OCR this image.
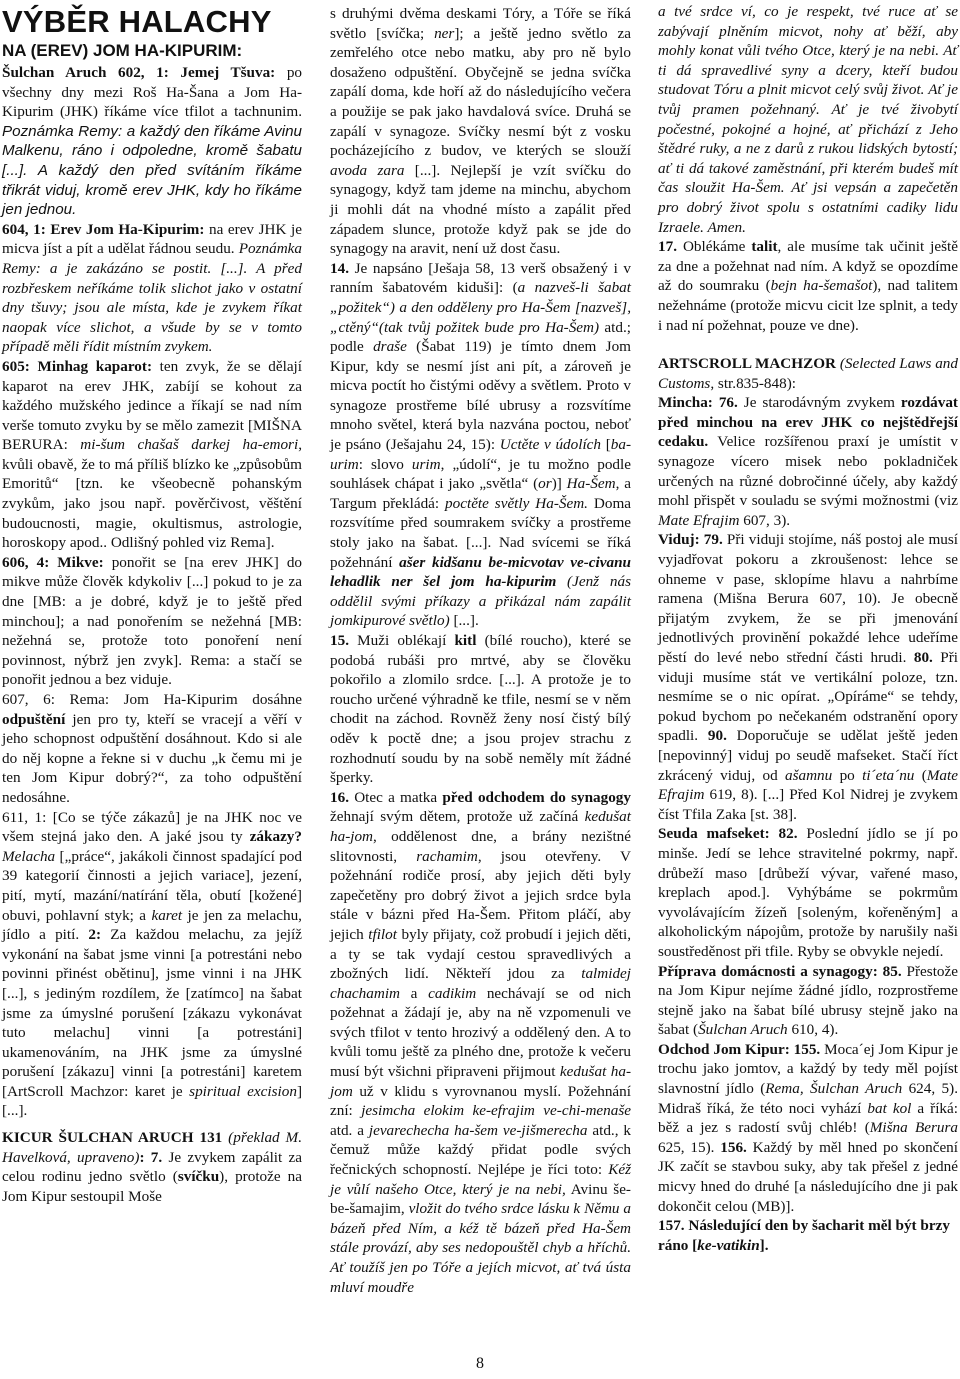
VÝBĚR HALACHY
NA (EREV) JOM HA-KIPURIM:

Šulchan Aruch 602, 1: Jemej Tšuva: po všechny dny mezi Roš Ha-Šana a Jom Ha-Kipurim (JHK) říkáme více tfilot a tachnunim. Poznámka Remy: a každý den říkáme Avinu Malkenu, ráno i odpoledne, kromě šabatu [...]. A každý den před svítáním říkáme třikrát viduj, kromě erev JHK, kdy ho říkáme jen jednou.

604, 1: Erev Jom Ha-Kipurim: na erev JHK je micva jíst a pít a udělat řádnou seudu. Poznámka Remy: a je zakázáno se postit. [...]. A před rozbřeskem neříkáme tolik slichot jako v ostatní dny tšuvy; jsou ale místa, kde je zvykem říkat naopak více slichot, a všude by se v tomto případě měli řídit místním zvykem.

605: Minhag kaparot: ten zvyk, že se dělají kaparot na erev JHK, zabíjí se kohout za každého mužského jedince a říkají se nad ním verše tomuto zvyku by se mělo zamezit [MIŠNA BERURA: mi-šum chašaš darkej ha-emori, kvůli obavě, že to má příliš blízko ke „způsobům Emoritů“ [tzn. ke všeobecně pohanským zvykům, jako jsou např. pověrčivost, věštění budoucnosti, magie, okultismus, astrologie, horoskopy apod.. Odlišný pohled viz Rema].

606, 4: Mikve: ponořit se [na erev JHK] do mikve může člověk kdykoliv [...] pokud to je za dne [MB: a je dobré, když je to ještě před minchou]; a nad ponořením se nežehná [MB: nežehná se, protože toto ponoření není povinnost, nýbrž jen zvyk]. Rema: a stačí se ponořit jednou a bez viduje.

607, 6: Rema: Jom Ha-Kipurim dosáhne odpuštění jen pro ty, kteří se vracejí a věří v jeho schopnost odpuštění dosáhnout. Kdo si ale do něj kopne a řekne si v duchu „k čemu mi je ten Jom Kipur dobrý?“, za toho odpuštění nedosáhne.

611, 1: [Co se týče zákazů] je na JHK noc ve všem stejná jako den. A jaké jsou ty zákazy? Melacha [„práce“, jakákoli činnost spadající pod 39 kategorií činnosti a jejich variace], jezení, pití, mytí, mazání/natírání těla, obutí [kožené] obuvi, pohlavní styk; a karet je jen za melachu, jídlo a pití. 2: Za každou melachu, za jejíž vykonání na šabat jsme vinni [a potrestáni nebo povinni přinést obětinu], jsme vinni i na JHK [...], s jediným rozdílem, že [zatímco] na šabat jsme za úmyslné porušení [zákazu vykonávat tuto melachu] vinni [a potrestáni] ukamenováním, na JHK jsme za úmyslné porušení [zákazu] vinni [a potrestáni] karetem [ArtScroll Machzor: karet je spiritual excision][...].

KICUR ŠULCHAN ARUCH 131 (překlad M. Havelková, upraveno): 7. Je zvykem zapálit za celou rodinu jedno světlo (svíčku), protože na Jom Kipur sestoupil Moše

s druhými dvěma deskami Tóry, a Tóře se říká světlo [svíčka; ner]; a ještě jedno světlo za zemřelého otce nebo matku, aby pro ně bylo dosaženo odpuštění. Obyčejně se jedna svíčka zapálí doma, kde hoří až do následujícího večera a použije se pak jako havdalová svíce. Druhá se zapálí v synagoze. Svíčky nesmí být z vosku pocházejícího z budov, ve kterých se slouží avoda zara [...]. Nejlepší je vzít svíčku do synagogy, když tam jdeme na minchu, abychom ji mohli dát na vhodné místo a zapálit před západem slunce, protože když pak se jde do synagogy na aravit, není už dost času.

14. Je napsáno [Ješaja 58, 13 verš obsažený i v ranním šabatovém kiduši]: (a nazveš-li šabat „požitek“) a den odděleny pro Ha-Šem [nazveš],„ctěný“(tak tvůj požitek bude pro Ha-Šem) atd.; podle draše (Šabat 119) je tímto dnem Jom Kipur, kdy se nesmí jíst ani pít, a zároveň je micva poctít ho čistými oděvy a světlem. Proto v synagoze prostřeme bílé ubrusy a rozsvítíme mnoho světel, která byla nazvána poctou, neboť je psáno (Ješajahu 24, 15): Uctěte v údolích [ba-urim: slovo urim, „údolí“, je tu možno podle souhlásek chápat i jako „světla“ (or)] Ha-Šem, a Targum překládá: poctěte světly Ha-Šem. Doma rozsvítíme před soumrakem svíčky a prostřeme stoly jako na šabat. [...]. Nad svícemi se říká požehnání ašer kidšanu be-micvotav ve-civanu lehadlik ner šel jom ha-kipurim (Jenž nás oddělil svými příkazy a přikázal nám zapálit jomkipurové světlo) [...].

15. Muži oblékají kitl (bílé roucho), které se podobá rubáši pro mrtvé, aby se člověku pokořilo a zlomilo srdce. [...]. A protože je to roucho určené výhradně ke tfile, nesmí se v něm chodit na záchod. Rovněž ženy nosí čistý bílý oděv k poctě dne; a jsou projev strachu z rozhodnutí soudu by na sobě neměly mít žádné šperky.

16. Otec a matka před odchodem do synagogy žehnají svým dětem, protože už začíná kedušat ha-jom, oddělenost dne, a brány nezištné slitovnosti, rachamim, jsou otevřeny. V požehnání rodiče prosí, aby jejich děti byly zapečetěny pro dobrý život a jejich srdce byla stále v bázni před Ha-Šem. Přitom pláčí, aby jejich tfilot byly přijaty, což probudí i jejich děti, a ty se tak vydají cestou spravedlivých a zbožných lidí. Někteří jdou za talmidej chachamim a cadikim nechávají se od nich požehnat a žádají je, aby na ně vzpomenuli ve svých tfilot v tento hrozivý a oddělený den. A to kvůli tomu ještě za plného dne, protože k večeru musí být všichni připraveni přijmout kedušat ha-jom už v klidu s vyrovnanou myslí. Požehnání zní: jesimcha elokim ke-efrajim ve-chi-menaše atd. a jevarechecha ha-šem ve-jišmerecha atd., k čemuž může každý přidat podle svých řečnických schopností. Nejlépe je říci toto: Kéž je vůlí našeho Otce, který je na nebi, Avinu še-be-šamajim, vložit do tvého srdce lásku k Němu a bázeň před Ním, a kéž tě bázeň před Ha-Šem stále provází, aby ses nedopouštěl chyb a hříchů. Ať toužíš jen po Tóře a jejích micvot, ať tvá ústa mluví moudře

a tvé srdce ví, co je respekt, tvé ruce ať se zabývají plněním micvot, nohy ať běží, aby mohly konat vůli tvého Otce, který je na nebi. Ať ti dá spravedlivé syny a dcery, kteří budou studovat Tóru a plnit micvot celý svůj život. Ať je tvůj pramen požehnaný. Ať je tvé živobytí počestné, pokojné a hojné, ať přichází z Jeho štědré ruky, a ne z darů z rukou lidských bytostí; ať ti dá takové zaměstnání, při kterém budeš mít čas sloužit Ha-Šem. Ať jsi vepsán a zapečetěn pro dobrý život spolu s ostatními cadiky lidu Izraele. Amen.

17. Oblékáme talit, ale musíme tak učinit ještě za dne a požehnat nad ním. A když se opozdíme až do soumraku (bejn ha-šemašot), nad talitem nežehnáme (protože micvu cicit lze splnit, a tedy i nad ní požehnat, pouze ve dne).

ARTSCROLL MACHZOR (Selected Laws and Customs, str.835-848):

Mincha: 76. Je starodávným zvykem rozdávat před minchou na erev JHK co nejštědřejší cedaku. Velice rozšířenou praxí je umístit v synagoze vícero misek nebo pokladniček určených na různé dobročinné účely, aby každý mohl přispět v souladu se svými možnostmi (viz Mate Efrajim 607, 3).

Viduj: 79. Při viduji stojíme, náš postoj ale musí vyjadřovat pokoru a zkroušenost: lehce se ohneme v pase, sklopíme hlavu a nahrbíme ramena (Mišna Berura 607, 10). Je obecně přijatým zvykem, že se při jmenování jednotlivých provinění pokaždé lehce udeříme pěstí do levé nebo střední části hrudi. 80. Při viduji musíme stát ve vertikální poloze, tzn. nesmíme se o nic opírat. „Opíráme“ se tehdy, pokud bychom po nečekaném odstranění opory spadli. 90. Doporučuje se udělat ještě jeden [nepovinný] viduj po seudě mafseket. Stačí říct zkrácený viduj, od ašamnu po ti´eta´nu (Mate Efrajim 619, 8). [...] Před Kol Nidrej je zvykem číst Tfila Zaka [st. 38].

Seuda mafseket: 82. Poslední jídlo se jí po minše. Jedí se lehce stravitelné pokrmy, např. drůbeží maso [drůbeží vývar, vařené maso, kreplach apod.]. Vyhýbáme se pokrmům vyvolávajícím žízeň [soleným, kořeněným] a alkoholickým nápojům, protože by narušily naši soustředěnost při tfile. Ryby se obvykle nejedí.

Příprava domácnosti a synagogy: 85. Přestože na Jom Kipur nejíme žádné jídlo, rozprostřeme stejně jako na šabat bílé ubrusy stejně jako na šabat (Šulchan Aruch 610, 4).

Odchod Jom Kipur: 155. Moca´ej Jom Kipur je trochu jako jomtov, a každý by tedy měl pojíst slavnostní jídlo (Rema, Šulchan Aruch 624, 5). Midraš říká, že této noci vyhází bat kol a říká: běž a jez s radostí svůj chléb! (Mišna Berura 625, 15). 156. Každý by měl hned po skončení JK začít se stavbou suky, aby tak přešel z jedné micvy hned do druhé [a následujícího dne ji pak dokončit celou (MB)].

157. Následující den by šacharit měl být brzy ráno [ke-vatikin].

8
